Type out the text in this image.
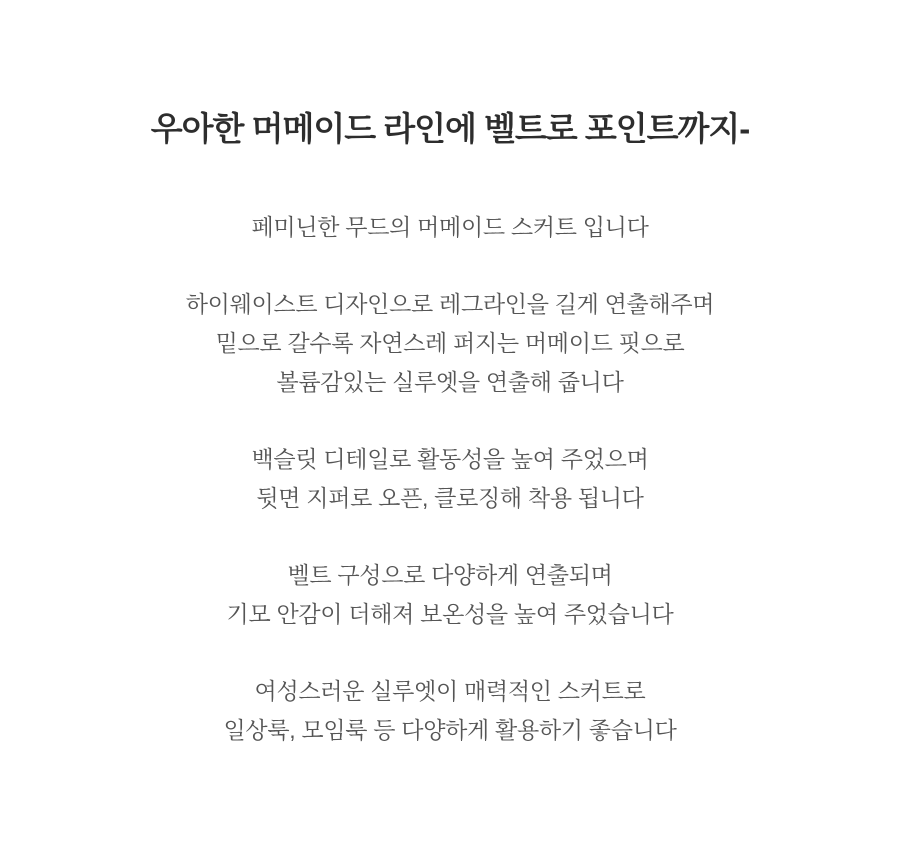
우아한 머메이드 라인에 벨트로 포인트까지-

페미닌한 무드의 머메이드 스커트 입니다

하이웨이스트 디자인으로 레그라인을 길게 연출해주며
밑으로 갈수록 자연스레 퍼지는 머메이드 핏으로
볼륨감있는 실루엣을 연출해 줍니다

백슬릿 디테일로 활동성을 높여 주었으며
뒷면 지퍼로 오픈, 클로징해 착용 됩니다

벨트 구성으로 다양하게 연출되며
기모 안감이 더해져 보온성을 높여 주었습니다

여성스러운 실루엣이 매력적인 스커트로
일상룩, 모임룩 등 다양하게 활용하기 좋습니다
